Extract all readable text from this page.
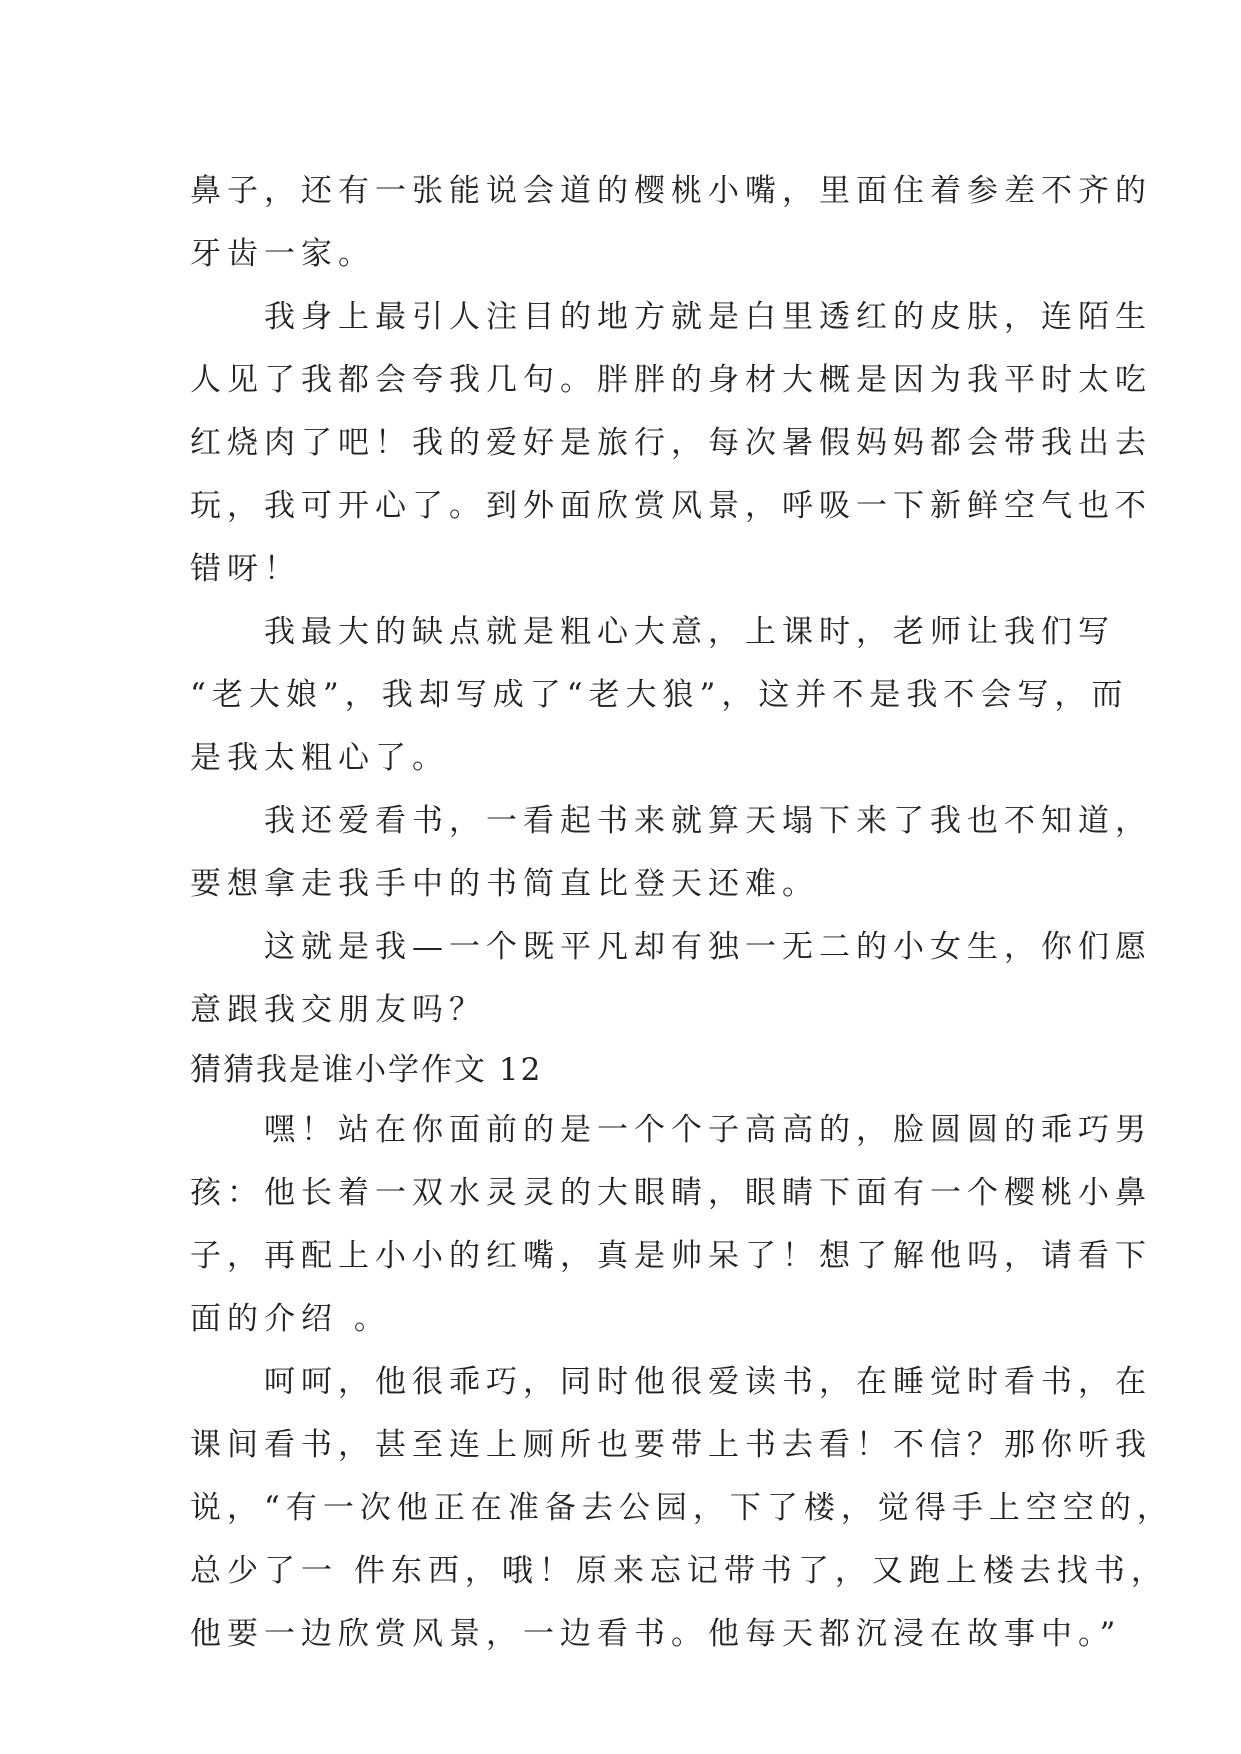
鼻子，还有一张能说会道的樱桃小嘴，里面住着参差不齐的
牙齿一家。
　　我身上最引人注目的地方就是白里透红的皮肤，连陌生
人见了我都会夸我几句。胖胖的身材大概是因为我平时太吃
红烧肉了吧！我的爱好是旅行，每次暑假妈妈都会带我出去
玩，我可开心了。到外面欣赏风景，呼吸一下新鲜空气也不
错呀！
　　我最大的缺点就是粗心大意，上课时，老师让我们写
“老大娘”，我却写成了“老大狼”，这并不是我不会写，而
是我太粗心了。
　　我还爱看书，一看起书来就算天塌下来了我也不知道，
要想拿走我手中的书简直比登天还难。
　　这就是我—一个既平凡却有独一无二的小女生，你们愿
意跟我交朋友吗？
猜猜我是谁小学作文 12
　　嘿！站在你面前的是一个个子高高的，脸圆圆的乖巧男
孩：他长着一双水灵灵的大眼睛，眼睛下面有一个樱桃小鼻
子，再配上小小的红嘴，真是帅呆了！想了解他吗，请看下
面的介绍 。
　　呵呵，他很乖巧，同时他很爱读书，在睡觉时看书，在
课间看书，甚至连上厕所也要带上书去看！不信？那你听我
说，“有一次他正在准备去公园，下了楼，觉得手上空空的，
总少了一 件东西，哦！原来忘记带书了，又跑上楼去找书，
他要一边欣赏风景，一边看书。他每天都沉浸在故事中。”
